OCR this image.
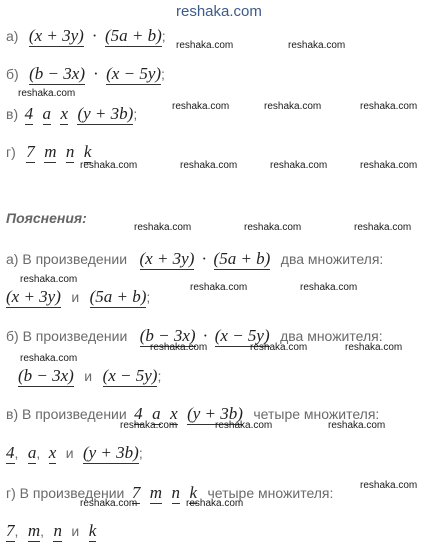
reshaka.com
а) (x + 3y) · (5a + b);
б) (b − 3x) · (x − 5y);
в) 4 a x (y + 3b);
г) 7 m n k
Пояснения:
а) В произведении (x + 3y) · (5a + b) два множителя:
(x + 3y) и (5a + b);
б) В произведении (b − 3x) · (x − 5y) два множителя:
(b − 3x) и (x − 5y);
в) В произведении 4 a x (y + 3b) четыре множителя:
4, a, x и (y + 3b);
г) В произведении 7 m n k четыре множителя:
7, m, n и k
reshaka.com	reshaka.com
reshaka.com
reshaka.com	reshaka.com	reshaka.com
reshaka.com	reshaka.com	reshaka.com	reshaka.com
reshaka.com	reshaka.com	reshaka.com
reshaka.com
reshaka.com	reshaka.com
reshaka.com
reshaka.com	reshaka.com	reshaka.com
reshaka.com	reshaka.com	reshaka.com
reshaka.com
reshaka.com	reshaka.com
